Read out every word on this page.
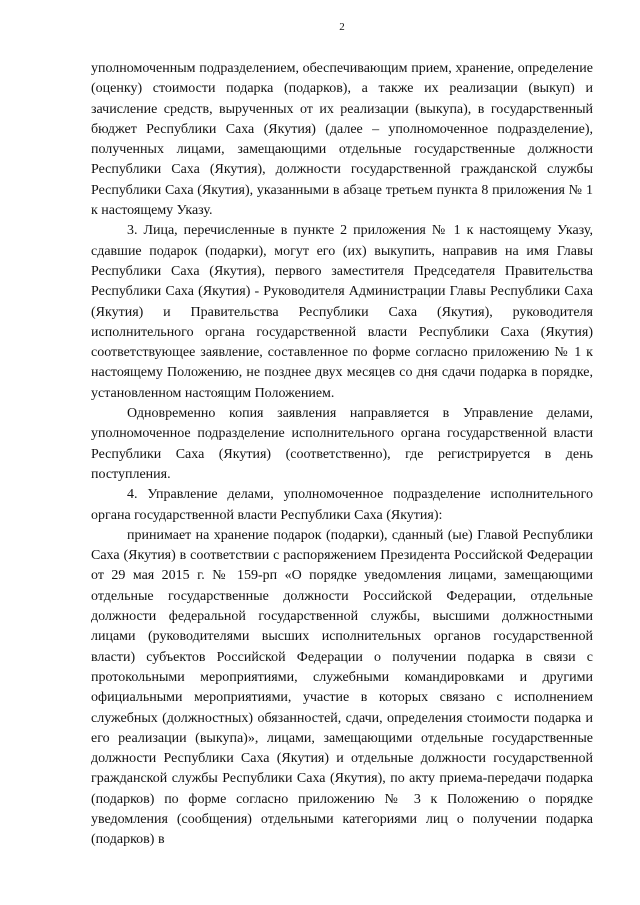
2

уполномоченным подразделением, обеспечивающим прием, хранение, определение (оценку) стоимости подарка (подарков), а также их реализации (выкуп) и зачисление средств, вырученных от их реализации (выкупа), в государственный бюджет Республики Саха (Якутия) (далее – уполномоченное подразделение), полученных лицами, замещающими отдельные государственные должности Республики Саха (Якутия), должности государственной гражданской службы Республики Саха (Якутия), указанными в абзаце третьем пункта 8 приложения № 1 к настоящему Указу.

3. Лица, перечисленные в пункте 2 приложения № 1 к настоящему Указу, сдавшие подарок (подарки), могут его (их) выкупить, направив на имя Главы Республики Саха (Якутия), первого заместителя Председателя Правительства Республики Саха (Якутия) - Руководителя Администрации Главы Республики Саха (Якутия) и Правительства Республики Саха (Якутия), руководителя исполнительного органа государственной власти Республики Саха (Якутия) соответствующее заявление, составленное по форме согласно приложению № 1 к настоящему Положению, не позднее двух месяцев со дня сдачи подарка в порядке, установленном настоящим Положением.

Одновременно копия заявления направляется в Управление делами, уполномоченное подразделение исполнительного органа государственной власти Республики Саха (Якутия) (соответственно), где регистрируется в день поступления.

4. Управление делами, уполномоченное подразделение исполнительного органа государственной власти Республики Саха (Якутия):

принимает на хранение подарок (подарки), сданный (ые) Главой Республики Саха (Якутия) в соответствии с распоряжением Президента Российской Федерации от 29 мая 2015 г. № 159-рп «О порядке уведомления лицами, замещающими отдельные государственные должности Российской Федерации, отдельные должности федеральной государственной службы, высшими должностными лицами (руководителями высших исполнительных органов государственной власти) субъектов Российской Федерации о получении подарка в связи с протокольными мероприятиями, служебными командировками и другими официальными мероприятиями, участие в которых связано с исполнением служебных (должностных) обязанностей, сдачи, определения стоимости подарка и его реализации (выкупа)», лицами, замещающими отдельные государственные должности Республики Саха (Якутия) и отдельные должности государственной гражданской службы Республики Саха (Якутия), по акту приема-передачи подарка (подарков) по форме согласно приложению № 3 к Положению о порядке уведомления (сообщения) отдельными категориями лиц о получении подарка (подарков) в
